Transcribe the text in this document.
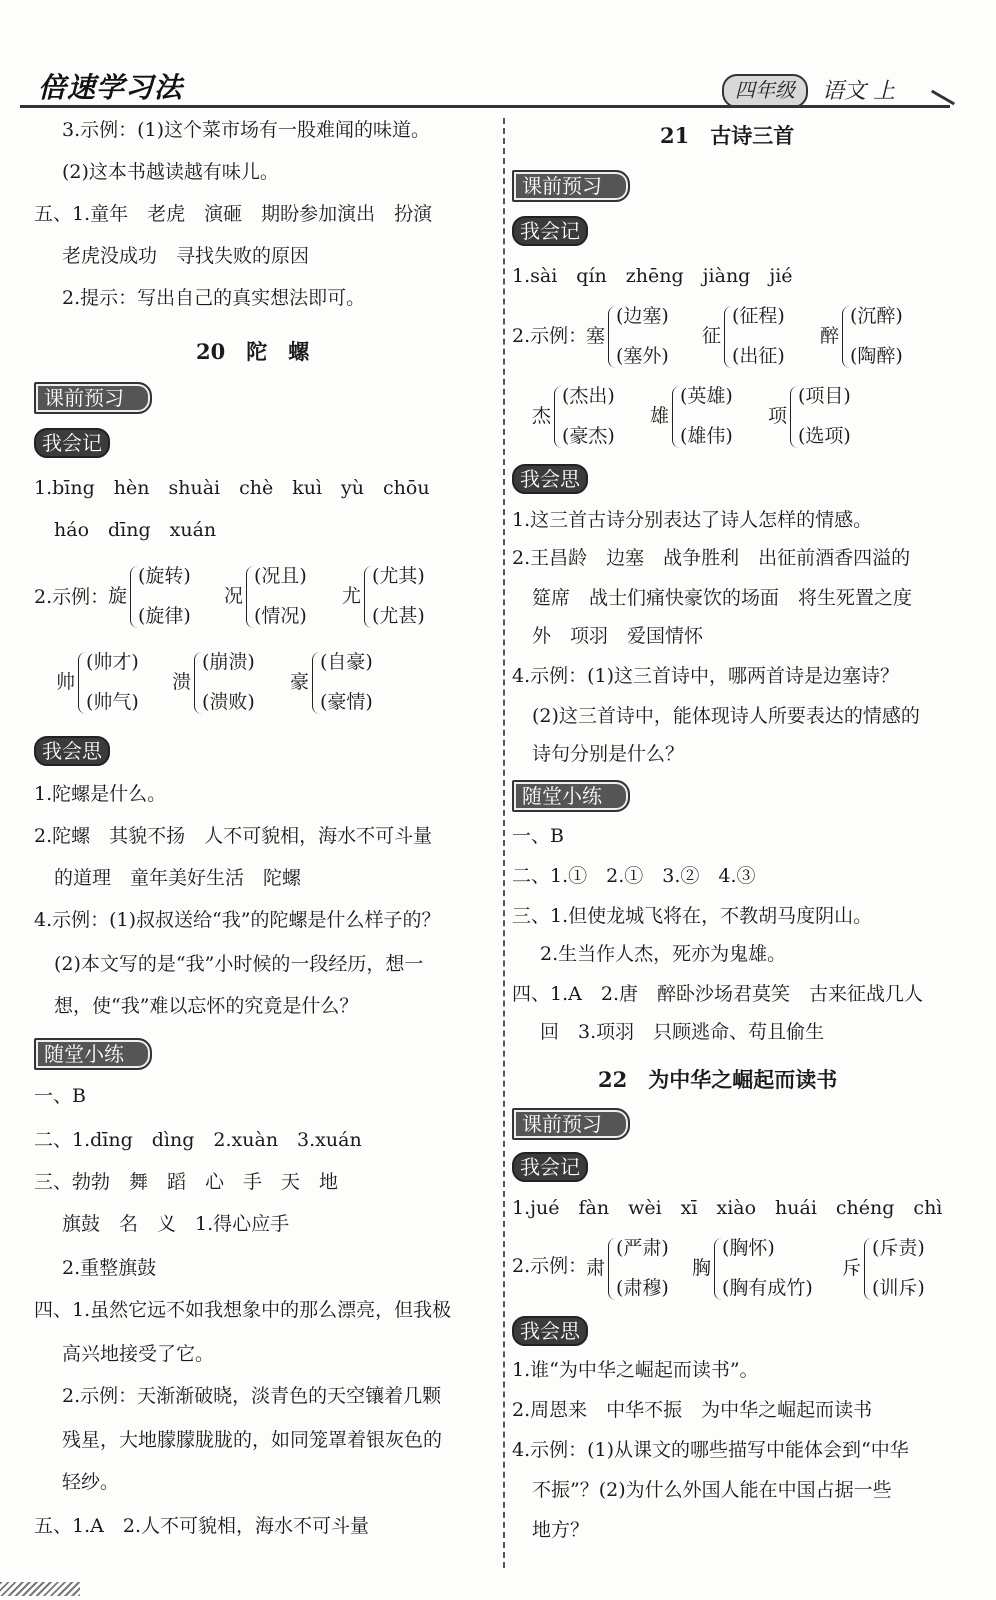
倍速学习法	四年级	语文 上
3.示例：(1)这个菜市场有一股难闻的味道。
(2)这本书越读越有味儿。
五、1.童年　老虎　演砸　期盼参加演出　扮演
老虎没成功　寻找失败的原因
2.提示：写出自己的真实想法即可。
20　陀　螺
课前预习
我会记
1.bīng　hèn　shuài　chè　kuì　yù　chōu
háo　dīng　xuán
2.示例：
旋
(旋转)
(旋律)
况
(况且)
(情况)
尤
(尤其)
(尤甚)
帅
(帅才)
(帅气)
溃
(崩溃)
(溃败)
豪
(自豪)
(豪情)
我会思
1.陀螺是什么。
2.陀螺　其貌不扬　人不可貌相，海水不可斗量
的道理　童年美好生活　陀螺
4.示例：(1)叔叔送给“我”的陀螺是什么样子的？
(2)本文写的是“我”小时候的一段经历，想一
想，使“我”难以忘怀的究竟是什么？
随堂小练
一、B
二、1.dīng　dìng　2.xuàn　3.xuán
三、勃勃　舞　蹈　心　手　天　地
旗鼓　名　义　1.得心应手
2.重整旗鼓
四、1.虽然它远不如我想象中的那么漂亮，但我极
高兴地接受了它。
2.示例：天渐渐破晓，淡青色的天空镶着几颗
残星，大地朦朦胧胧的，如同笼罩着银灰色的
轻纱。
五、1.A　2.人不可貌相，海水不可斗量
21　古诗三首
课前预习
我会记
1.sài　qín　zhēng　jiàng　jié
2.示例：
塞
(边塞)
(塞外)
征
(征程)
(出征)
醉
(沉醉)
(陶醉)
杰
(杰出)
(豪杰)
雄
(英雄)
(雄伟)
项
(项目)
(选项)
我会思
1.这三首古诗分别表达了诗人怎样的情感。
2.王昌龄　边塞　战争胜利　出征前酒香四溢的
筵席　战士们痛快豪饮的场面　将生死置之度
外　项羽　爱国情怀
4.示例：(1)这三首诗中，哪两首诗是边塞诗？
(2)这三首诗中，能体现诗人所要表达的情感的
诗句分别是什么？
随堂小练
一、B
二、1.①　2.①　3.②　4.③
三、1.但使龙城飞将在，不教胡马度阴山。
2.生当作人杰，死亦为鬼雄。
四、1.A　2.唐　醉卧沙场君莫笑　古来征战几人
回　3.项羽　只顾逃命、苟且偷生
22　为中华之崛起而读书
课前预习
我会记
1.jué　fàn　wèi　xī　xiào　huái　chéng　chì
2.示例：
肃
(严肃)
(肃穆)
胸
(胸怀)
(胸有成竹)
斥
(斥责)
(训斥)
我会思
1.谁“为中华之崛起而读书”。
2.周恩来　中华不振　为中华之崛起而读书
4.示例：(1)从课文的哪些描写中能体会到“中华
不振”？(2)为什么外国人能在中国占据一些
地方？
